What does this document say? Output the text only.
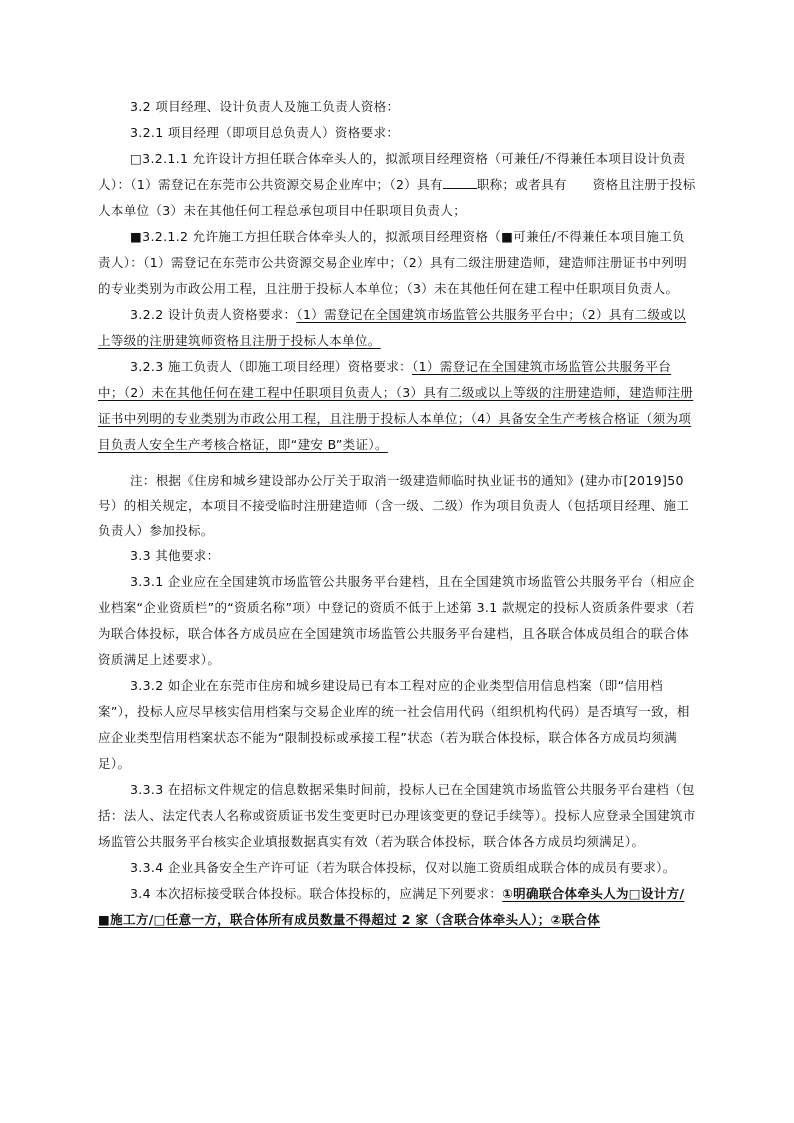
3.2 项目经理、设计负责人及施工负责人资格：

3.2.1 项目经理（即项目总负责人）资格要求：

□3.2.1.1 允许设计方担任联合体牵头人的，拟派项目经理资格（可兼任/不得兼任本项目设计负责人）：（1）需登记在东莞市公共资源交易企业库中；（2）具有	职称；或者具有 资格且注册于投标人本单位（3）未在其他任何工程总承包项目中任职项目负责人；

■3.2.1.2 允许施工方担任联合体牵头人的，拟派项目经理资格（■可兼任/不得兼任本项目施工负责人）：（1）需登记在东莞市公共资源交易企业库中；（2）具有二级注册建造师，建造师注册证书中列明的专业类别为市政公用工程，且注册于投标人本单位；（3）未在其他任何在建工程中任职项目负责人。

3.2.2 设计负责人资格要求：（1）需登记在全国建筑市场监管公共服务平台中；（2）具有二级或以上等级的注册建筑师资格且注册于投标人本单位。

3.2.3 施工负责人（即施工项目经理）资格要求：（1）需登记在全国建筑市场监管公共服务平台中；（2）未在其他任何在建工程中任职项目负责人；（3）具有二级或以上等级的注册建造师，建造师注册证书中列明的专业类别为市政公用工程，且注册于投标人本单位；（4）具备安全生产考核合格证（须为项目负责人安全生产考核合格证，即“建安 B”类证）。

注：根据《住房和城乡建设部办公厅关于取消一级建造师临时执业证书的通知》(建办市[2019]50号）的相关规定，本项目不接受临时注册建造师（含一级、二级）作为项目负责人（包括项目经理、施工负责人）参加投标。

3.3 其他要求：

3.3.1 企业应在全国建筑市场监管公共服务平台建档，且在全国建筑市场监管公共服务平台（相应企业档案“企业资质栏”的“资质名称”项）中登记的资质不低于上述第 3.1 款规定的投标人资质条件要求（若为联合体投标，联合体各方成员应在全国建筑市场监管公共服务平台建档，且各联合体成员组合的联合体资质满足上述要求）。

3.3.2 如企业在东莞市住房和城乡建设局已有本工程对应的企业类型信用信息档案（即“信用档案”），投标人应尽早核实信用档案与交易企业库的统一社会信用代码（组织机构代码）是否填写一致，相应企业类型信用档案状态不能为“限制投标或承接工程”状态（若为联合体投标，联合体各方成员均须满足）。

3.3.3 在招标文件规定的信息数据采集时间前，投标人已在全国建筑市场监管公共服务平台建档（包括：法人、法定代表人名称或资质证书发生变更时已办理该变更的登记手续等）。投标人应登录全国建筑市场监管公共服务平台核实企业填报数据真实有效（若为联合体投标，联合体各方成员均须满足）。

3.3.4 企业具备安全生产许可证（若为联合体投标，仅对以施工资质组成联合体的成员有要求）。

3.4 本次招标接受联合体投标。联合体投标的，应满足下列要求：①明确联合体牵头人为□设计方/■施工方/□任意一方，联合体所有成员数量不得超过 2 家（含联合体牵头人）；②联合体
